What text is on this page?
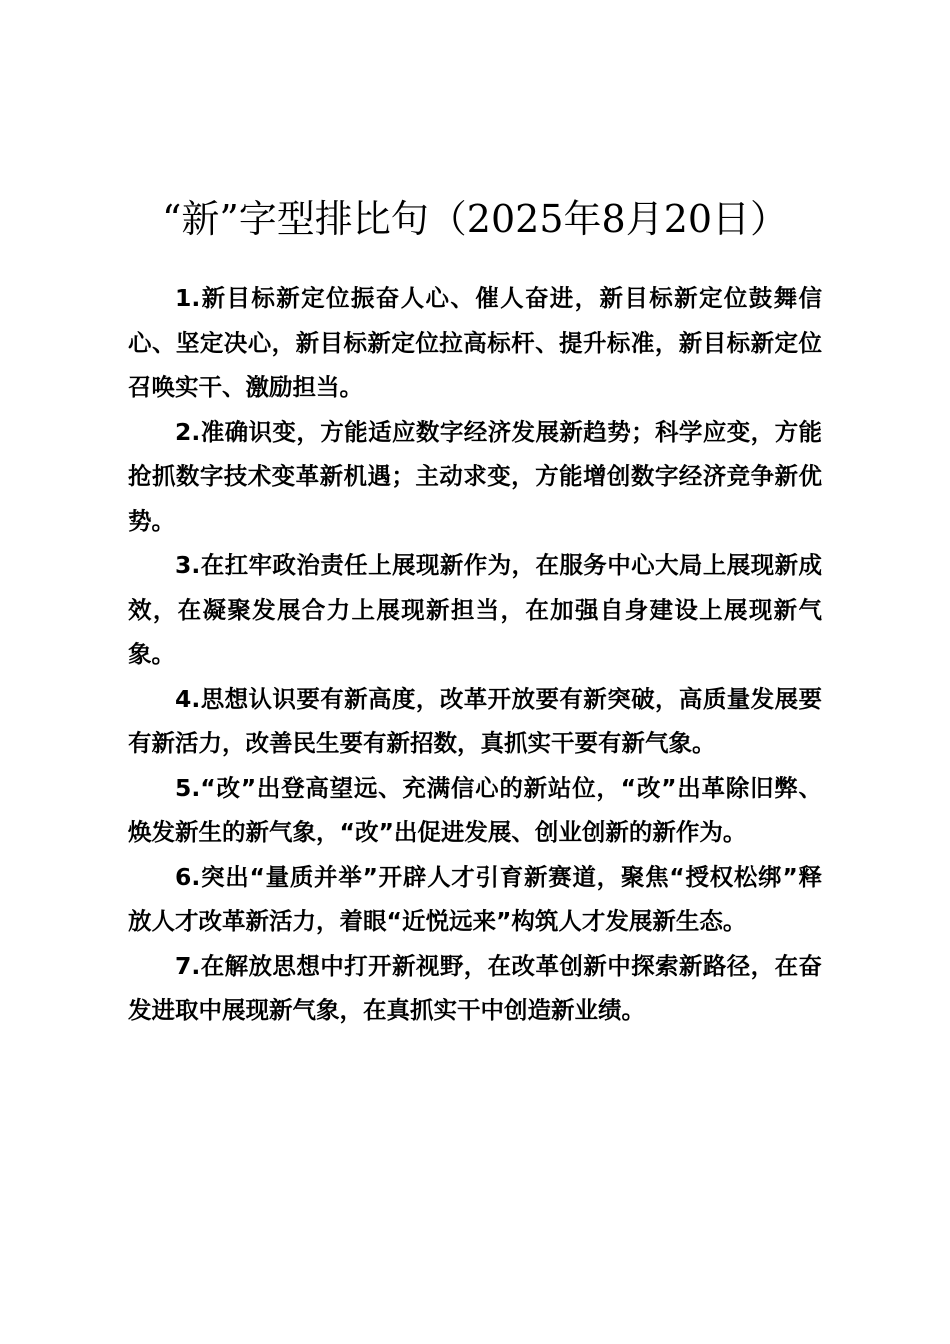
“新”字型排比句（2025年8月20日）

1.新目标新定位振奋人心、催人奋进，新目标新定位鼓舞信心、坚定决心，新目标新定位拉高标杆、提升标准，新目标新定位召唤实干、激励担当。

2.准确识变，方能适应数字经济发展新趋势；科学应变，方能抢抓数字技术变革新机遇；主动求变，方能增创数字经济竞争新优势。

3.在扛牢政治责任上展现新作为，在服务中心大局上展现新成效，在凝聚发展合力上展现新担当，在加强自身建设上展现新气象。

4.思想认识要有新高度，改革开放要有新突破，高质量发展要有新活力，改善民生要有新招数，真抓实干要有新气象。

5.“改”出登高望远、充满信心的新站位，“改”出革除旧弊、焕发新生的新气象，“改”出促进发展、创业创新的新作为。

6.突出“量质并举”开辟人才引育新赛道，聚焦“授权松绑”释放人才改革新活力，着眼“近悦远来”构筑人才发展新生态。

7.在解放思想中打开新视野，在改革创新中探索新路径，在奋发进取中展现新气象，在真抓实干中创造新业绩。
